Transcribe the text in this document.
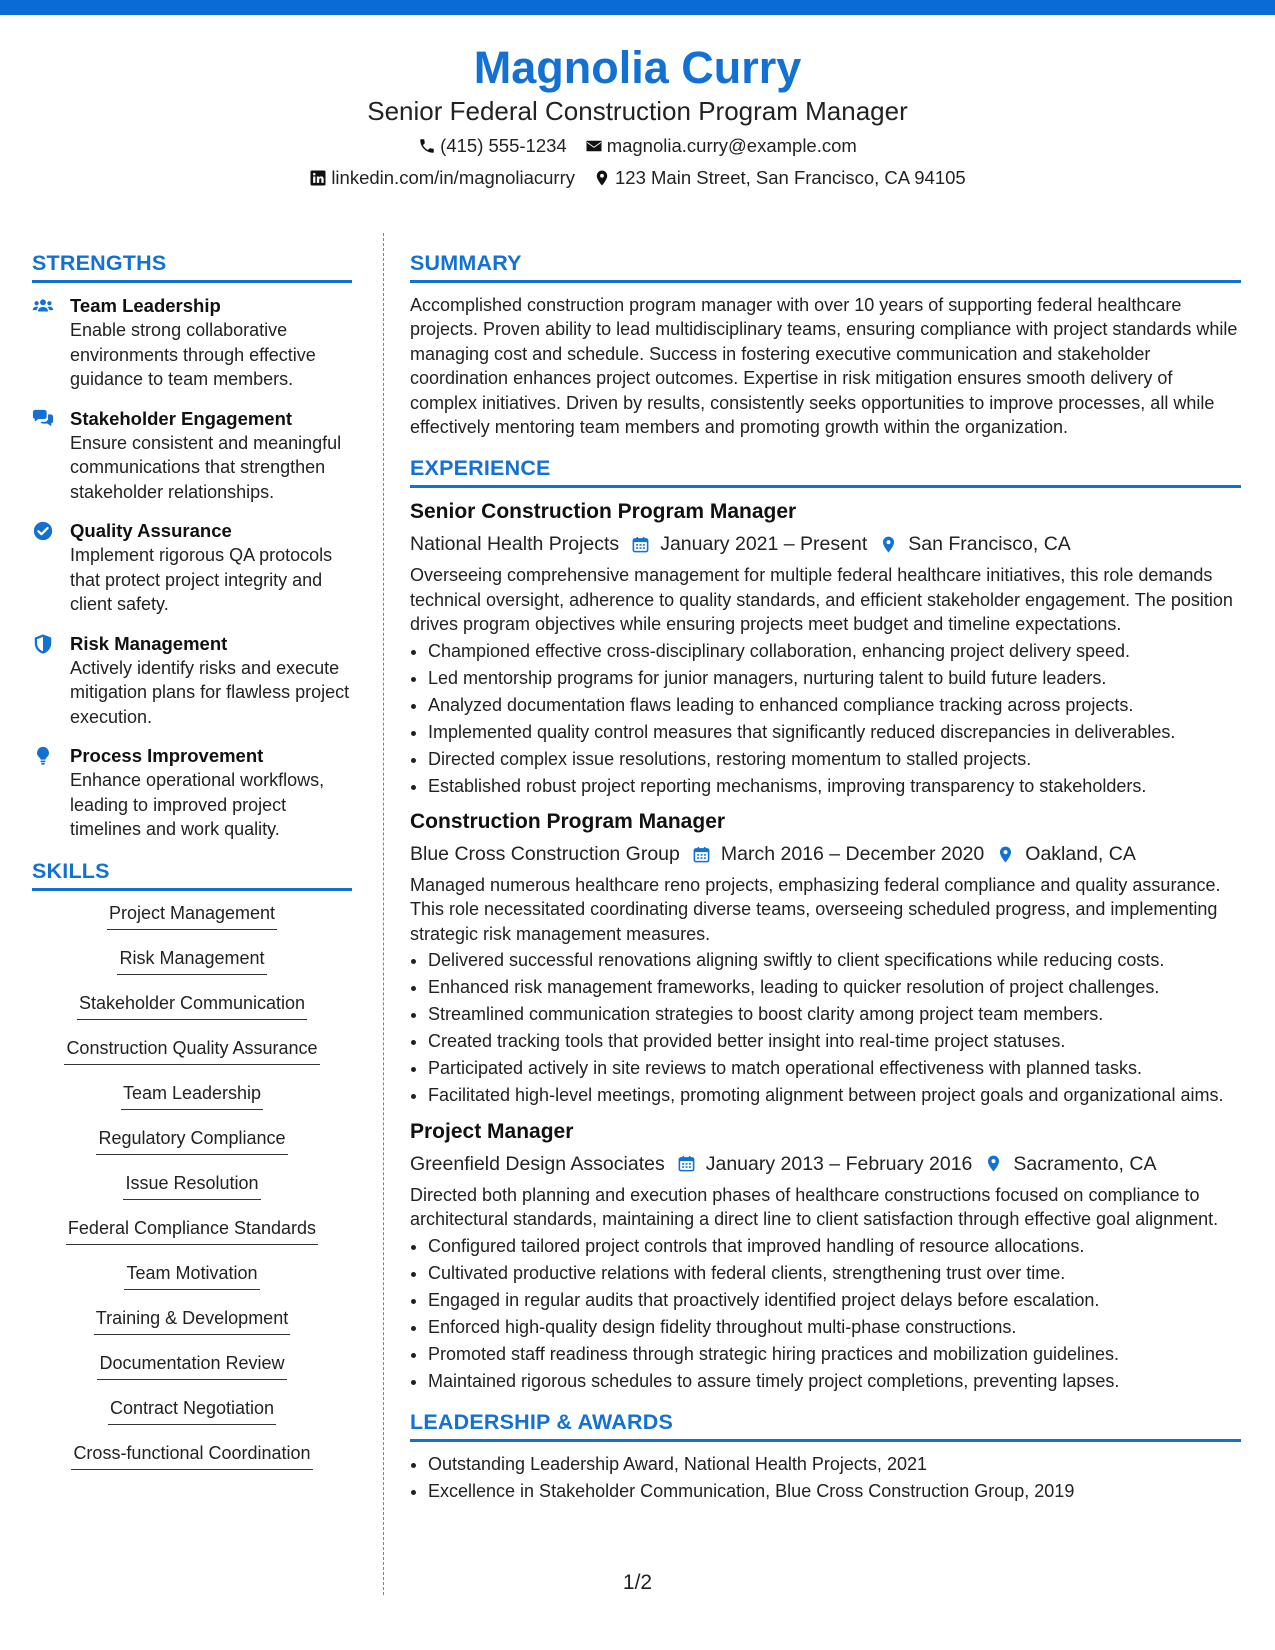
Magnolia Curry
Senior Federal Construction Program Manager
(415) 555-1234 magnolia.curry@example.com
linkedin.com/in/magnoliacurry 123 Main Street, San Francisco, CA 94105
STRENGTHS
Team Leadership
Enable strong collaborative environments through effective guidance to team members.
Stakeholder Engagement
Ensure consistent and meaningful communications that strengthen stakeholder relationships.
Quality Assurance
Implement rigorous QA protocols that protect project integrity and client safety.
Risk Management
Actively identify risks and execute mitigation plans for flawless project execution.
Process Improvement
Enhance operational workflows, leading to improved project timelines and work quality.
SKILLS
Project Management
Risk Management
Stakeholder Communication
Construction Quality Assurance
Team Leadership
Regulatory Compliance
Issue Resolution
Federal Compliance Standards
Team Motivation
Training & Development
Documentation Review
Contract Negotiation
Cross-functional Coordination
SUMMARY
Accomplished construction program manager with over 10 years of supporting federal healthcare projects. Proven ability to lead multidisciplinary teams, ensuring compliance with project standards while managing cost and schedule. Success in fostering executive communication and stakeholder coordination enhances project outcomes. Expertise in risk mitigation ensures smooth delivery of complex initiatives. Driven by results, consistently seeks opportunities to improve processes, all while effectively mentoring team members and promoting growth within the organization.
EXPERIENCE
Senior Construction Program Manager
National Health Projects January 2021 – Present San Francisco, CA
Overseeing comprehensive management for multiple federal healthcare initiatives, this role demands technical oversight, adherence to quality standards, and efficient stakeholder engagement. The position drives program objectives while ensuring projects meet budget and timeline expectations.
• Championed effective cross-disciplinary collaboration, enhancing project delivery speed.
• Led mentorship programs for junior managers, nurturing talent to build future leaders.
• Analyzed documentation flaws leading to enhanced compliance tracking across projects.
• Implemented quality control measures that significantly reduced discrepancies in deliverables.
• Directed complex issue resolutions, restoring momentum to stalled projects.
• Established robust project reporting mechanisms, improving transparency to stakeholders.
Construction Program Manager
Blue Cross Construction Group March 2016 – December 2020 Oakland, CA
Managed numerous healthcare reno projects, emphasizing federal compliance and quality assurance. This role necessitated coordinating diverse teams, overseeing scheduled progress, and implementing strategic risk management measures.
• Delivered successful renovations aligning swiftly to client specifications while reducing costs.
• Enhanced risk management frameworks, leading to quicker resolution of project challenges.
• Streamlined communication strategies to boost clarity among project team members.
• Created tracking tools that provided better insight into real-time project statuses.
• Participated actively in site reviews to match operational effectiveness with planned tasks.
• Facilitated high-level meetings, promoting alignment between project goals and organizational aims.
Project Manager
Greenfield Design Associates January 2013 – February 2016 Sacramento, CA
Directed both planning and execution phases of healthcare constructions focused on compliance to architectural standards, maintaining a direct line to client satisfaction through effective goal alignment.
• Configured tailored project controls that improved handling of resource allocations.
• Cultivated productive relations with federal clients, strengthening trust over time.
• Engaged in regular audits that proactively identified project delays before escalation.
• Enforced high-quality design fidelity throughout multi-phase constructions.
• Promoted staff readiness through strategic hiring practices and mobilization guidelines.
• Maintained rigorous schedules to assure timely project completions, preventing lapses.
LEADERSHIP & AWARDS
• Outstanding Leadership Award, National Health Projects, 2021
• Excellence in Stakeholder Communication, Blue Cross Construction Group, 2019
1/2
